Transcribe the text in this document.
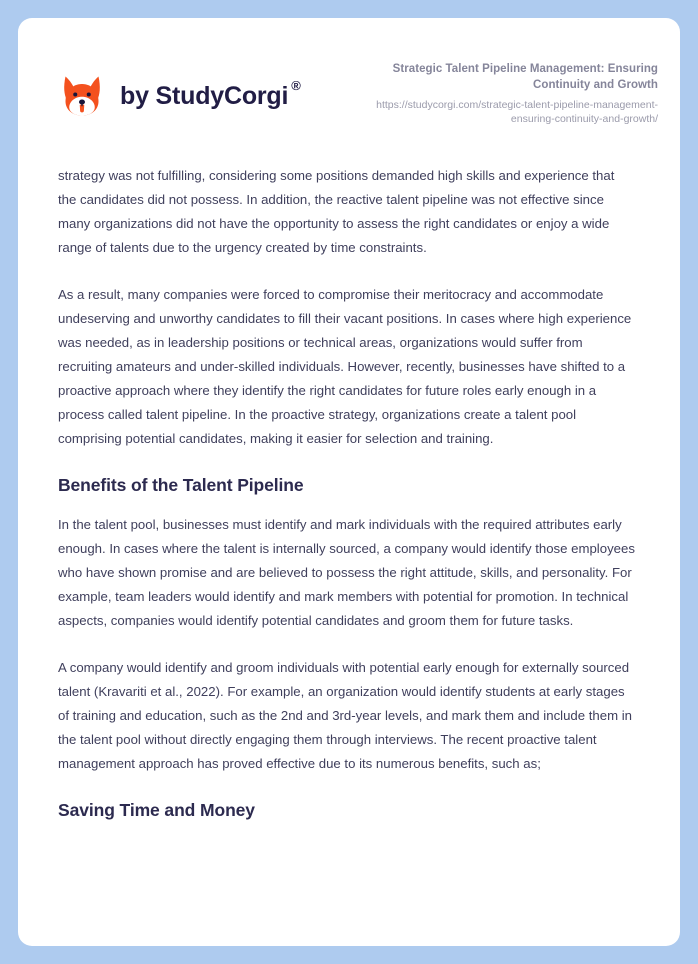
by StudyCorgi ®
Strategic Talent Pipeline Management: Ensuring Continuity and Growth
https://studycorgi.com/strategic-talent-pipeline-management-ensuring-continuity-and-growth/

strategy was not fulfilling, considering some positions demanded high skills and experience that the candidates did not possess. In addition, the reactive talent pipeline was not effective since many organizations did not have the opportunity to assess the right candidates or enjoy a wide range of talents due to the urgency created by time constraints.

As a result, many companies were forced to compromise their meritocracy and accommodate undeserving and unworthy candidates to fill their vacant positions. In cases where high experience was needed, as in leadership positions or technical areas, organizations would suffer from recruiting amateurs and under-skilled individuals. However, recently, businesses have shifted to a proactive approach where they identify the right candidates for future roles early enough in a process called talent pipeline. In the proactive strategy, organizations create a talent pool comprising potential candidates, making it easier for selection and training.

Benefits of the Talent Pipeline

In the talent pool, businesses must identify and mark individuals with the required attributes early enough. In cases where the talent is internally sourced, a company would identify those employees who have shown promise and are believed to possess the right attitude, skills, and personality. For example, team leaders would identify and mark members with potential for promotion. In technical aspects, companies would identify potential candidates and groom them for future tasks.

A company would identify and groom individuals with potential early enough for externally sourced talent (Kravariti et al., 2022). For example, an organization would identify students at early stages of training and education, such as the 2nd and 3rd-year levels, and mark them and include them in the talent pool without directly engaging them through interviews. The recent proactive talent management approach has proved effective due to its numerous benefits, such as;

Saving Time and Money
